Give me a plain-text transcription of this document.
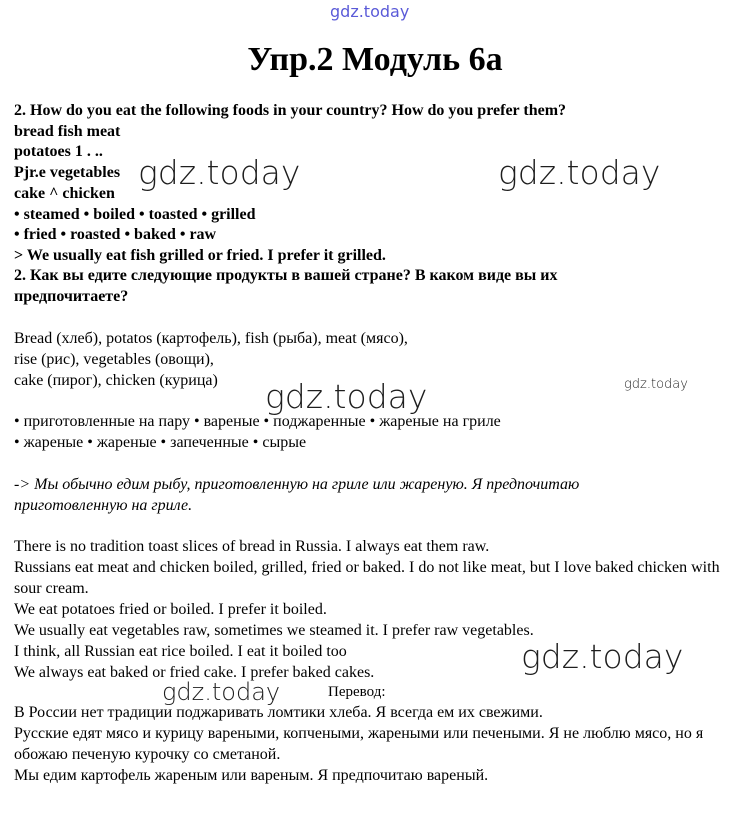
gdz.today
gdz.today	gdz.today
gdz.today	gdz.today
gdz.today
gdz.today
Упр.2 Модуль 6а
2. How do you eat the following foods in your country? How do you prefer them?
bread fish meat
potatoes 1 . ..
Pjr.e vegetables
cake ^ chicken
• steamed • boiled • toasted • grilled
• fried • roasted • baked • raw
> We usually eat fish grilled or fried. I prefer it grilled.
2. Как вы едите следующие продукты в вашей стране? В каком виде вы их предпочитаете?
Bread (хлеб), potatos (картофель), fish (рыба), meat (мясо),
rise (рис), vegetables (овощи),
cake (пирог), chicken (курица)
• приготовленные на пару • вареные • поджаренные • жареные на гриле
• жареные • жареные • запеченные • сырые
-> Мы обычно едим рыбу, приготовленную на гриле или жареную. Я предпочитаю приготовленную на гриле.
There is no tradition toast slices of bread in Russia. I always eat them raw.
Russians eat meat and chicken boiled, grilled, fried or baked. I do not like meat, but I love baked chicken with sour cream.
We eat potatoes fried or boiled. I prefer it boiled.
We usually eat vegetables raw, sometimes we steamed it. I prefer raw vegetables.
I think, all Russian eat rice boiled. I eat it boiled too
We always eat baked or fried cake. I prefer baked cakes.
Перевод:
В России нет традиции поджаривать ломтики хлеба. Я всегда ем их свежими.
Русские едят мясо и курицу вареными, копчеными, жареными или печеными. Я не люблю мясо, но я обожаю печеную курочку со сметаной.
Мы едим картофель жареным или вареным. Я предпочитаю вареный.
